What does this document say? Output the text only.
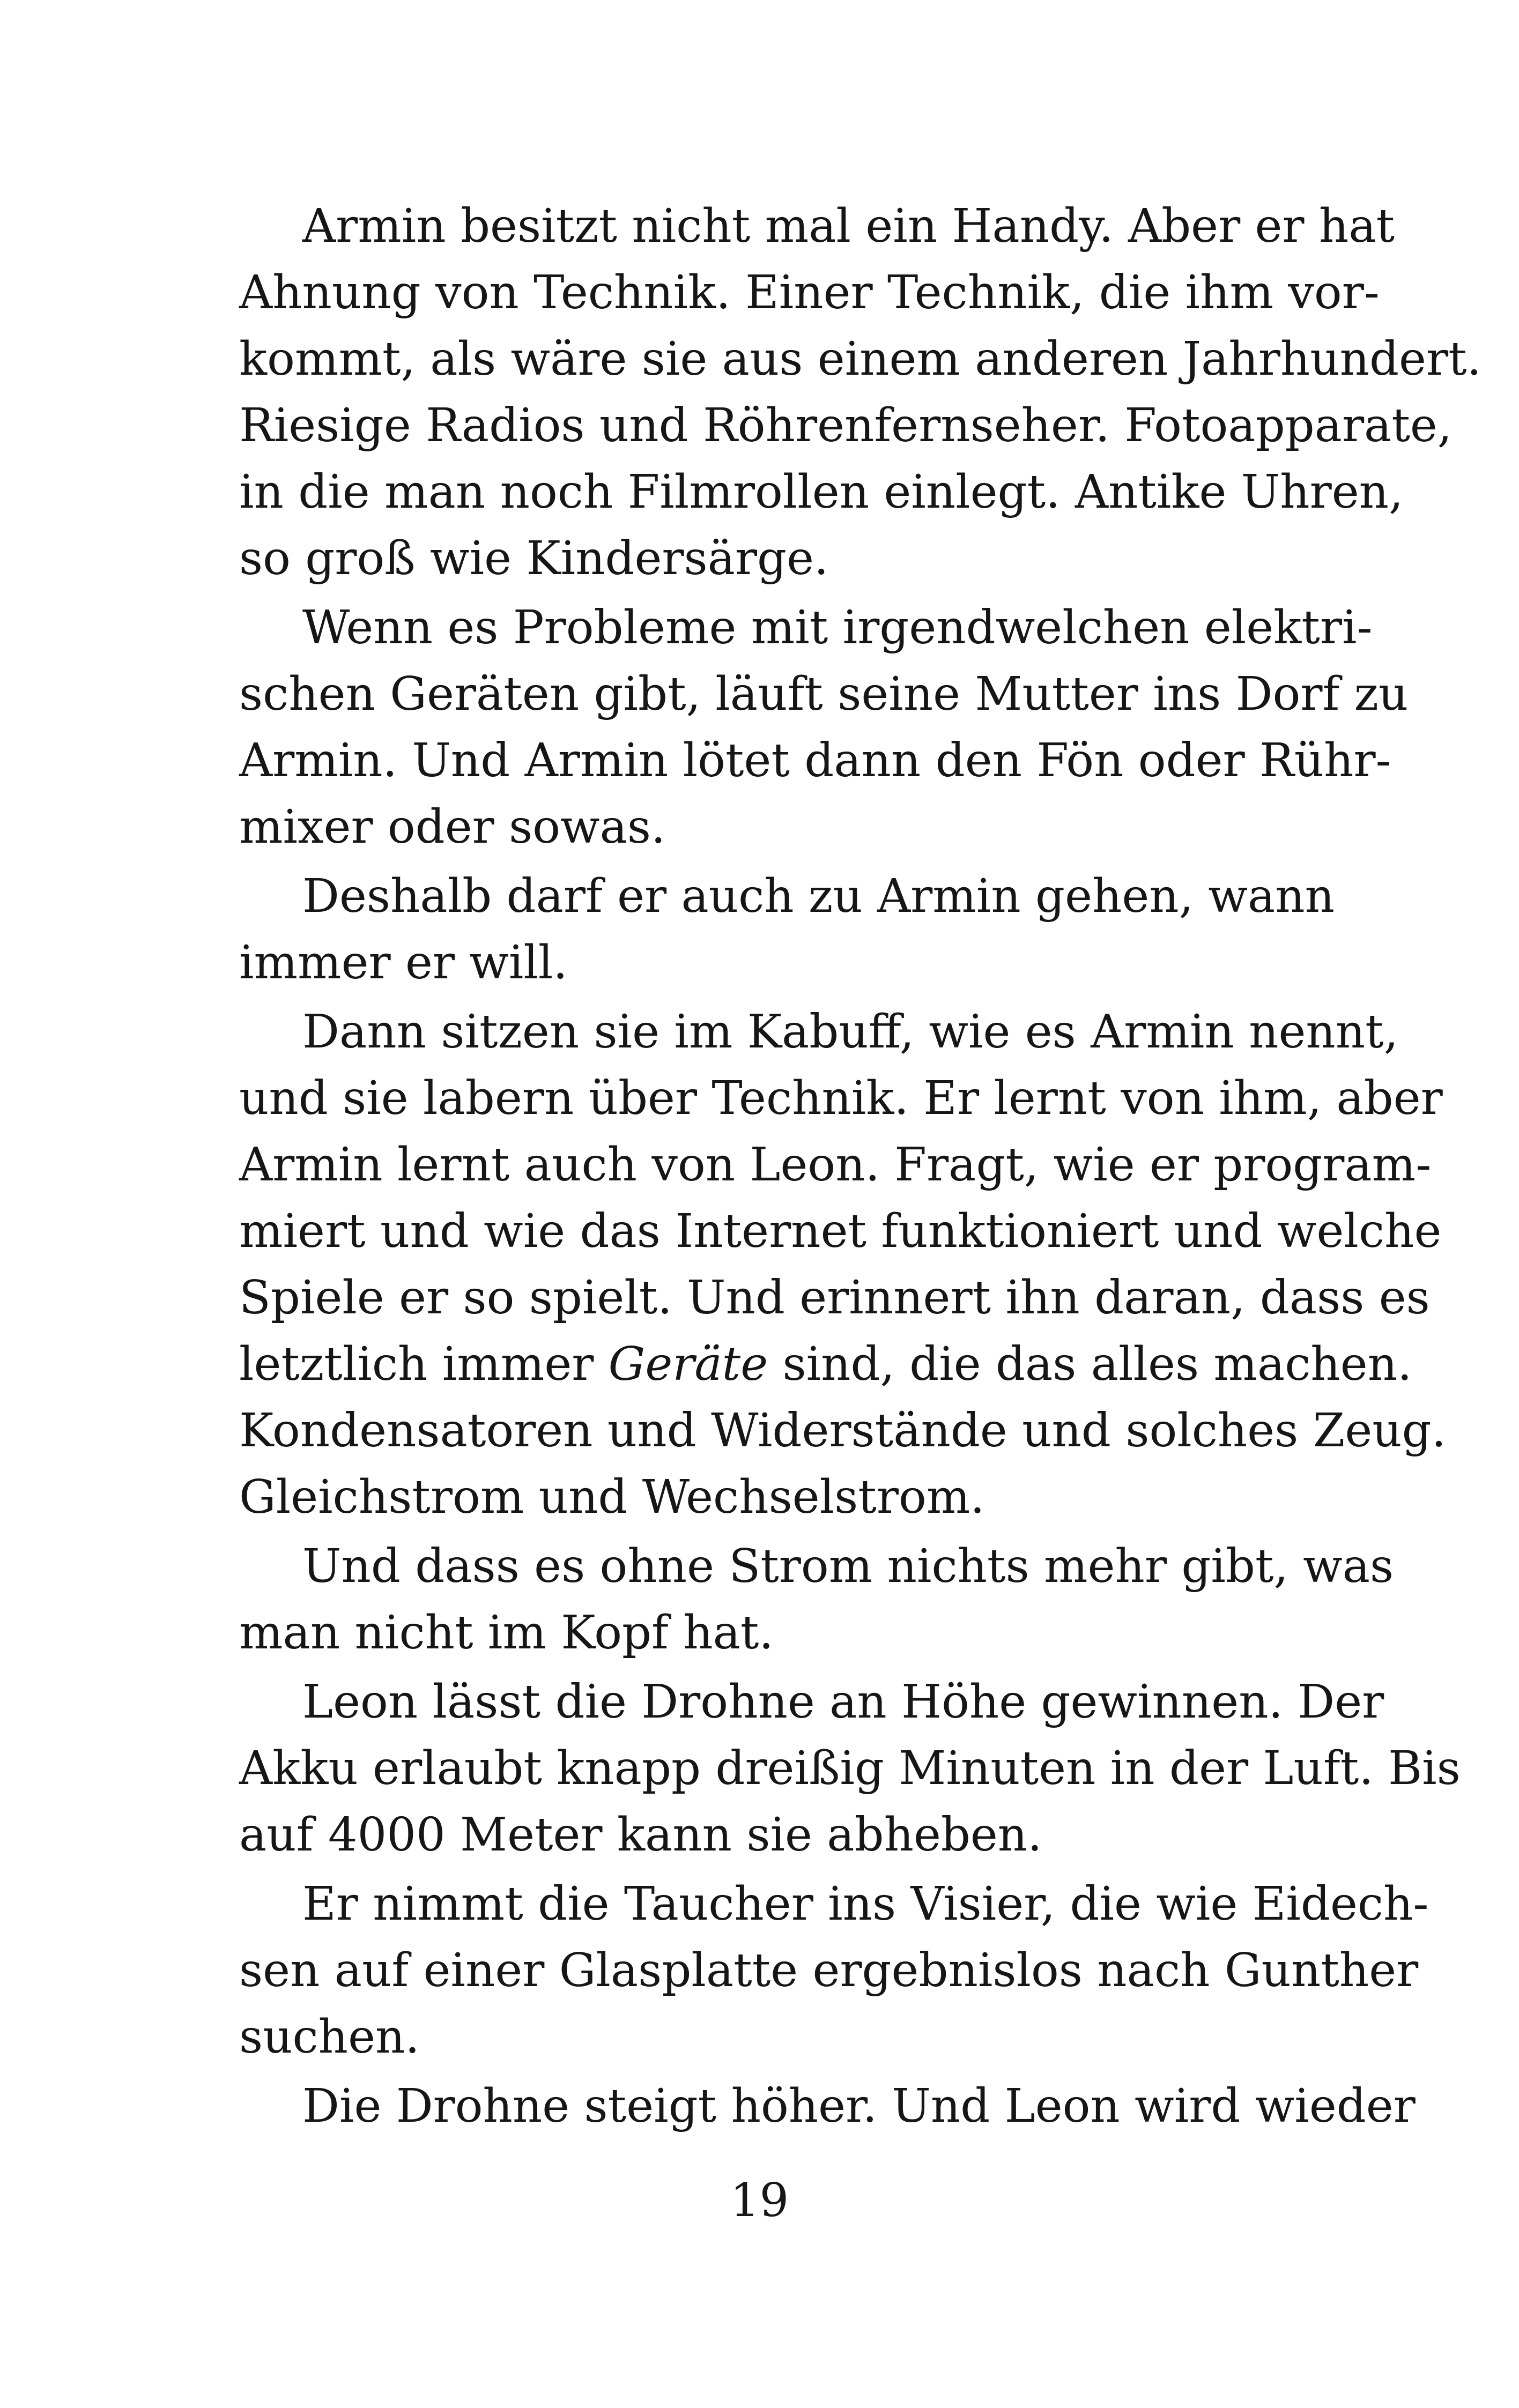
Armin besitzt nicht mal ein Handy. Aber er hat
Ahnung von Technik. Einer Technik, die ihm vor-
kommt, als wäre sie aus einem anderen Jahrhundert.
Riesige Radios und Röhrenfernseher. Fotoapparate,
in die man noch Filmrollen einlegt. Antike Uhren,
so groß wie Kindersärge.
Wenn es Probleme mit irgendwelchen elektri-
schen Geräten gibt, läuft seine Mutter ins Dorf zu
Armin. Und Armin lötet dann den Fön oder Rühr-
mixer oder sowas.
Deshalb darf er auch zu Armin gehen, wann
immer er will.
Dann sitzen sie im Kabuff, wie es Armin nennt,
und sie labern über Technik. Er lernt von ihm, aber
Armin lernt auch von Leon. Fragt, wie er program-
miert und wie das Internet funktioniert und welche
Spiele er so spielt. Und erinnert ihn daran, dass es
letztlich immer Geräte sind, die das alles machen.
Kondensatoren und Widerstände und solches Zeug.
Gleichstrom und Wechselstrom.
Und dass es ohne Strom nichts mehr gibt, was
man nicht im Kopf hat.
Leon lässt die Drohne an Höhe gewinnen. Der
Akku erlaubt knapp dreißig Minuten in der Luft. Bis
auf 4000 Meter kann sie abheben.
Er nimmt die Taucher ins Visier, die wie Eidech-
sen auf einer Glasplatte ergebnislos nach Gunther
suchen.
Die Drohne steigt höher. Und Leon wird wieder
19
